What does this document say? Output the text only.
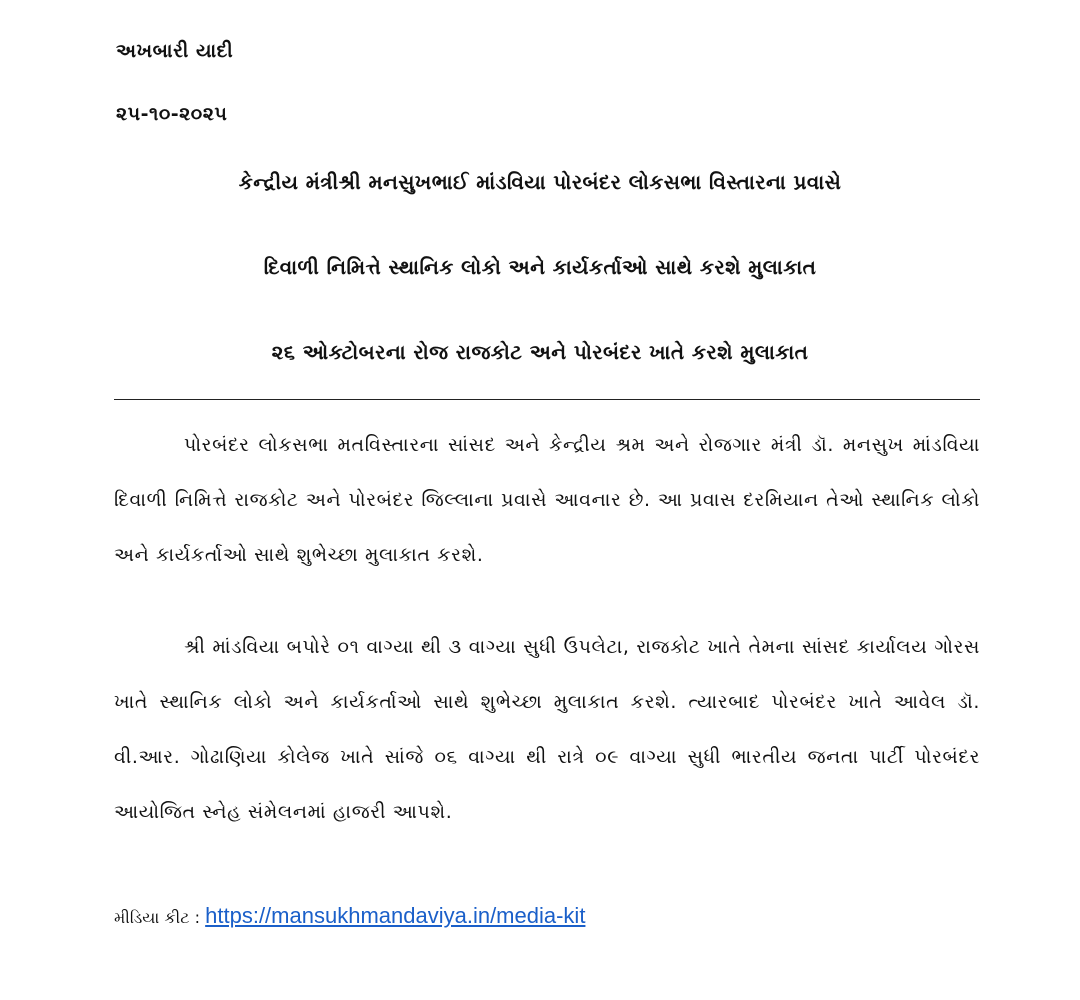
અખબારી યાદી
૨૫-૧૦-૨૦૨૫
કેન્દ્રીય મંત્રીશ્રી મનસુખભાઈ માંડવિયા પોરબંદર લોકસભા વિસ્તારના પ્રવાસે
દિવાળી નિમિત્તે સ્થાનિક લોકો અને કાર્યકર્તાઓ સાથે કરશે મુલાકાત
૨૬ ઓક્ટોબરના રોજ રાજકોટ અને પોરબંદર ખાતે કરશે મુલાકાત

પોરબંદર લોકસભા મતવિસ્તારના સાંસદ અને કેન્દ્રીય શ્રમ અને રોજગાર મંત્રી ડૉ. મનસુખ માંડવિયા દિવાળી નિમિત્તે રાજકોટ અને પોરબંદર જિલ્લાના પ્રવાસે આવનાર છે. આ પ્રવાસ દરમિયાન તેઓ સ્થાનિક લોકો અને કાર્યકર્તાઓ સાથે શુભેચ્છા મુલાકાત કરશે.

શ્રી માંડવિયા બપોરે ૦૧ વાગ્યા થી ૩ વાગ્યા સુધી ઉપલેટા, રાજકોટ ખાતે તેમના સાંસદ કાર્યાલય ગોરસ ખાતે સ્થાનિક લોકો અને કાર્યકર્તાઓ સાથે શુભેચ્છા મુલાકાત કરશે. ત્યારબાદ પોરબંદર ખાતે આવેલ ડૉ. વી.આર. ગોઢાણિયા કોલેજ ખાતે સાંજે ૦૬ વાગ્યા થી રાત્રે ૦૯ વાગ્યા સુધી ભારતીય જનતા પાર્ટી પોરબંદર આયોજિત સ્નેહ સંમેલનમાં હાજરી આપશે.

મીડિયા કીટ : https://mansukhmandaviya.in/media-kit
